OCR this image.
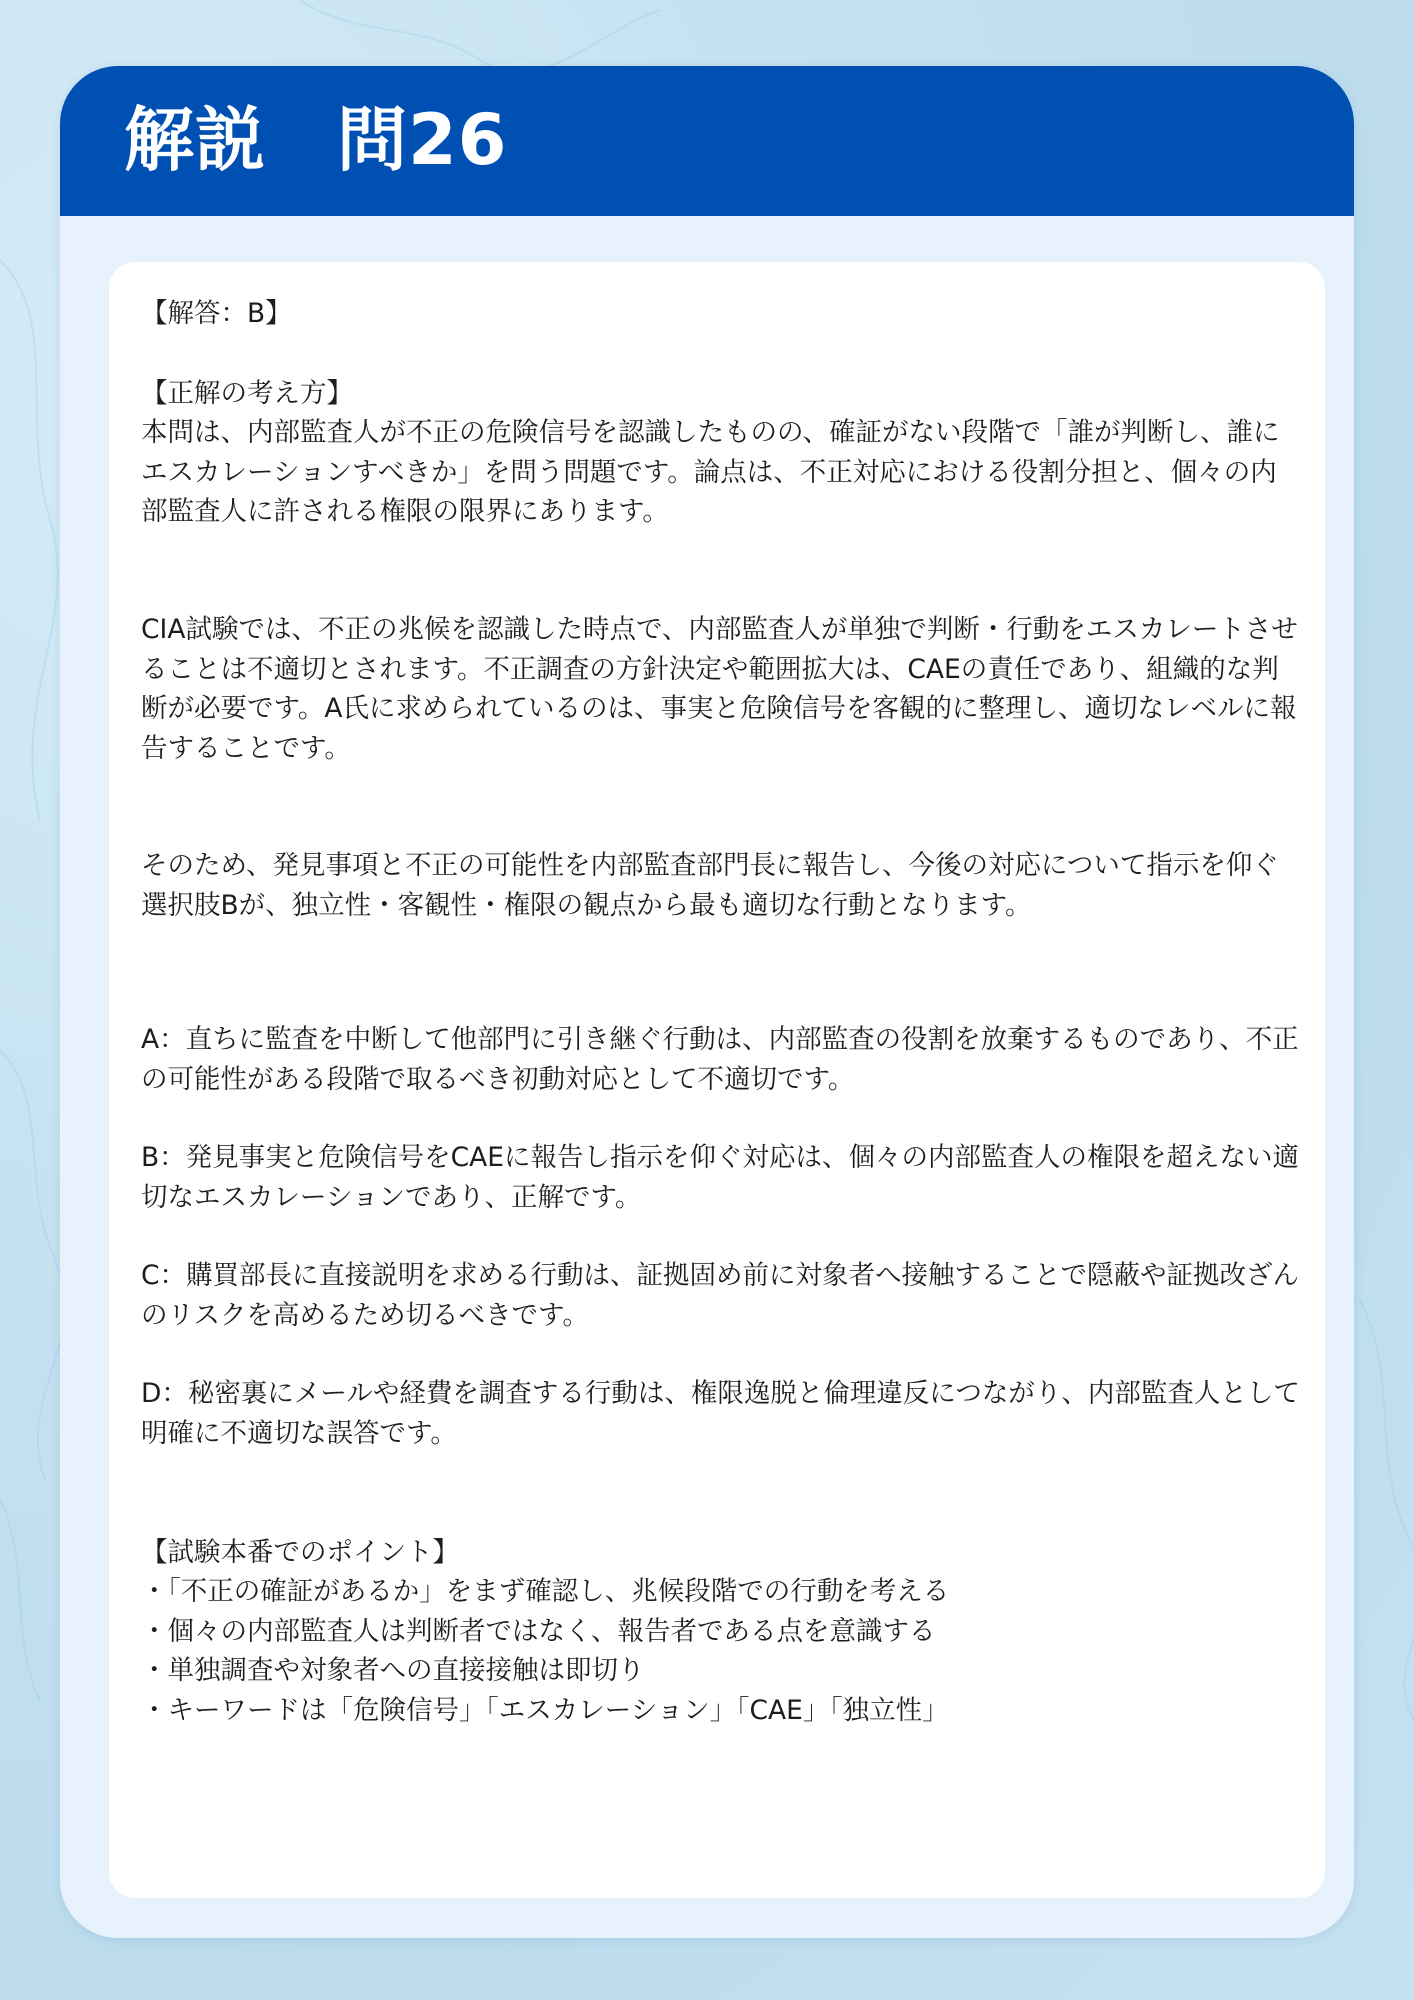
解説　問26

【解答：B】

【正解の考え方】

本問は、内部監査人が不正の危険信号を認識したものの、確証がない段階で「誰が判断し、誰にエスカレーションすべきか」を問う問題です。論点は、不正対応における役割分担と、個々の内部監査人に許される権限の限界にあります。

CIA試験では、不正の兆候を認識した時点で、内部監査人が単独で判断・行動をエスカレートさせることは不適切とされます。不正調査の方針決定や範囲拡大は、CAEの責任であり、組織的な判断が必要です。A氏に求められているのは、事実と危険信号を客観的に整理し、適切なレベルに報告することです。

そのため、発見事項と不正の可能性を内部監査部門長に報告し、今後の対応について指示を仰ぐ選択肢Bが、独立性・客観性・権限の観点から最も適切な行動となります。

A：直ちに監査を中断して他部門に引き継ぐ行動は、内部監査の役割を放棄するものであり、不正の可能性がある段階で取るべき初動対応として不適切です。

B：発見事実と危険信号をCAEに報告し指示を仰ぐ対応は、個々の内部監査人の権限を超えない適切なエスカレーションであり、正解です。

C：購買部長に直接説明を求める行動は、証拠固め前に対象者へ接触することで隠蔽や証拠改ざんのリスクを高めるため切るべきです。

D：秘密裏にメールや経費を調査する行動は、権限逸脱と倫理違反につながり、内部監査人として明確に不適切な誤答です。

【試験本番でのポイント】

・「不正の確証があるか」をまず確認し、兆候段階での行動を考える
・個々の内部監査人は判断者ではなく、報告者である点を意識する
・単独調査や対象者への直接接触は即切り
・キーワードは「危険信号」「エスカレーション」「CAE」「独立性」
